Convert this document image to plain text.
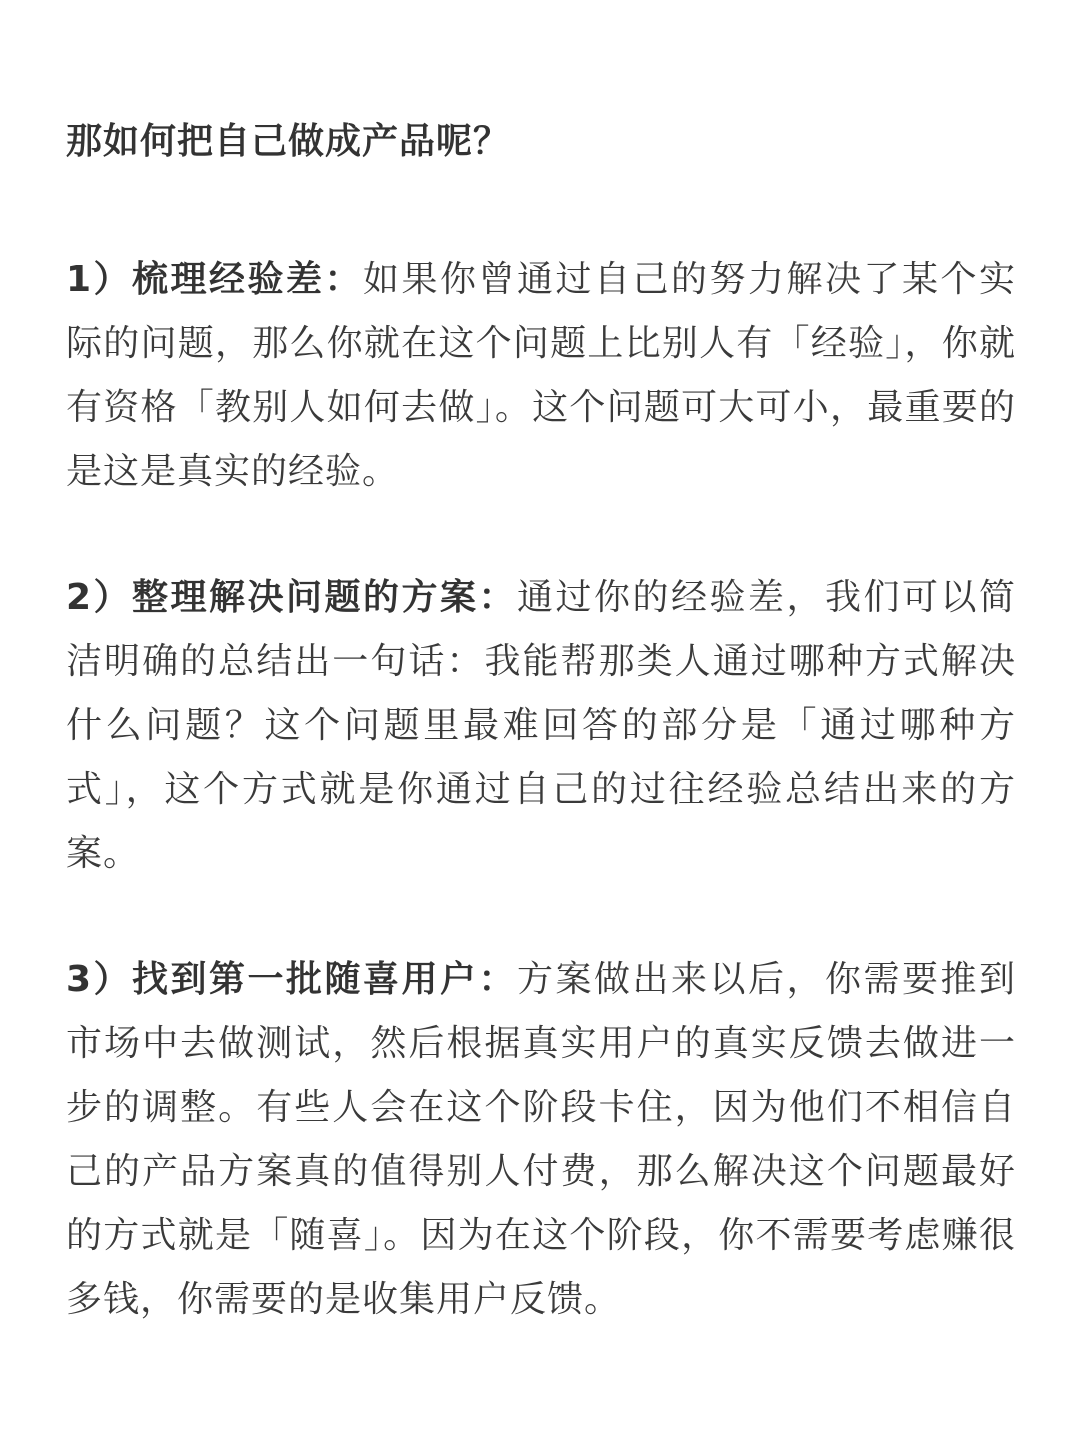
那如何把自己做成产品呢？

1）梳理经验差：如果你曾通过自己的努力解决了某个实际的问题，那么你就在这个问题上比别人有「经验」，你就有资格「教别人如何去做」。这个问题可大可小，最重要的是这是真实的经验。

2）整理解决问题的方案：通过你的经验差，我们可以简洁明确的总结出一句话：我能帮那类人通过哪种方式解决什么问题？这个问题里最难回答的部分是「通过哪种方式」，这个方式就是你通过自己的过往经验总结出来的方案。

3）找到第一批随喜用户：方案做出来以后，你需要推到市场中去做测试，然后根据真实用户的真实反馈去做进一步的调整。有些人会在这个阶段卡住，因为他们不相信自己的产品方案真的值得别人付费，那么解决这个问题最好的方式就是「随喜」。因为在这个阶段，你不需要考虑赚很多钱，你需要的是收集用户反馈。
